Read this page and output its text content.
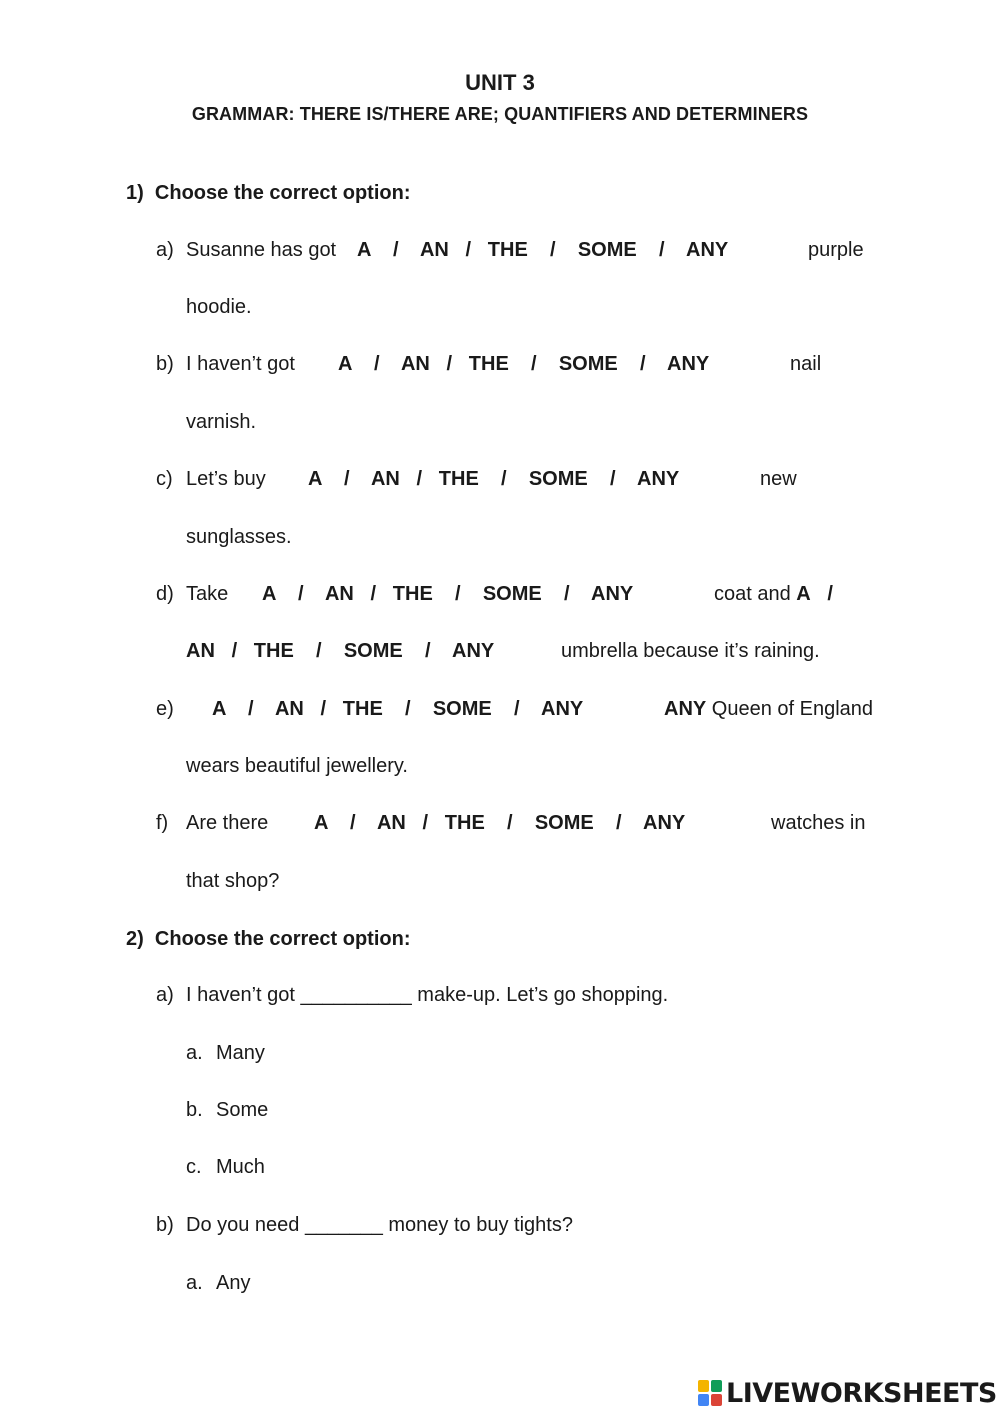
UNIT 3
GRAMMAR: THERE IS/THERE ARE; QUANTIFIERS AND DETERMINERS
1) Choose the correct option:
a) Susanne has got A / AN / THE / SOME / ANY	purple
hoodie.
b) I haven’t got A / AN / THE / SOME / ANY	nail
varnish.
c) Let’s buy A / AN / THE / SOME / ANY	new
sunglasses.
d) Take A / AN / THE / SOME / ANY	coat and A /
AN / THE / SOME / ANY	umbrella because it’s raining.
e) A / AN / THE / SOME / ANY	ANY Queen of England
wears beautiful jewellery.
f) Are there A / AN / THE / SOME / ANY	watches in
that shop?
2) Choose the correct option:
a) I haven’t got __________ make-up. Let’s go shopping.
a. Many
b. Some
c. Much
b) Do you need _______ money to buy tights?
a. Any
LIVEWORKSHEETS
